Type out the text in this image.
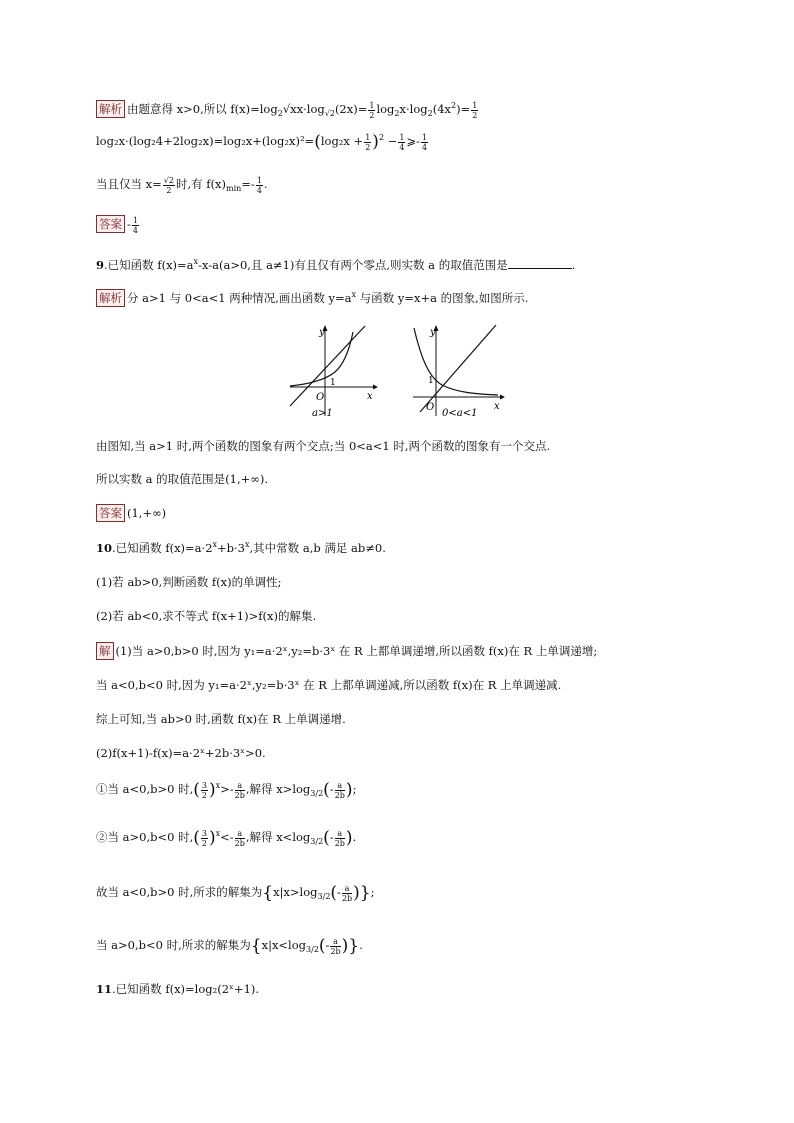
解析 由题意得 x>0,所以 $f(x)=\log_2√xx\cdot\log_{√2}(2x)= \frac{1}{2} \log_2x\cdot\log_2(4x^2)= \frac{1}{2}$
$\log_2x\cdot(\log_24+2\log_2x)=\log_2x+(\log_2x)^2=(\log_2x + \frac{1}{2} )^2 - \frac{1}{4}$ ⩾- $\frac{1}{4}$
当且仅当 $x= \frac{√2}{2}$ 时,有 $f(x)_{min}=- \frac{1}{4}$ .
答案 - $\frac{1}{4}$
9.已知函数 $f(x)=a^x-x-a(a>0$,且 a≠1)有且仅有两个零点,则实数 a 的取值范围是	.
解析 分 a>1 与 0<a<1 两种情况,画出函数 $y=a^x$ 与函数 y=x+a 的图象,如图所示.
y
x
O
1
a>1
y
x
O
1
0<a<1
由图知,当 a>1 时,两个函数的图象有两个交点;当 0<a<1 时,两个函数的图象有一个交点.
所以实数 a 的取值范围是(1,+∞).
答案 (1,+∞)
10.已知函数 $f(x)=a\cdot 2^x+b\cdot 3^x$,其中常数 a,b 满足 ab≠0.
(1)若 ab>0,判断函数 f(x)的单调性;
(2)若 ab<0,求不等式 f(x+1)>f(x)的解集.
解 (1)当 a>0,b>0 时,因为 y₁=a·2ˣ,y₂=b·3ˣ 在 R 上都单调递增,所以函数 f(x)在 R 上单调递增;
当 a<0,b<0 时,因为 y₁=a·2ˣ,y₂=b·3ˣ 在 R 上都单调递减,所以函数 f(x)在 R 上单调递减.
综上可知,当 ab>0 时,函数 f(x)在 R 上单调递增.
(2)f(x+1)-f(x)=a·2ˣ+2b·3ˣ>0.
①当 a<0,b>0 时,( $\frac{3}{2} )^x>- \frac{a}{2b}$ ,解得 $x>\log_{3/2}(- \frac{a}{2b}$ );
②当 a>0,b<0 时,( $\frac{3}{2} )^x<- \frac{a}{2b}$ ,解得 $x<\log_{3/2}(- \frac{a}{2b}$ ).
故当 a<0,b>0 时,所求的解集为{$x|x>\log_{3/2}(- \frac{a}{2b}$ )};
当 a>0,b<0 时,所求的解集为{$x|x<\log_{3/2}(- \frac{a}{2b}$ )}.
11.已知函数 f(x)=log₂(2ˣ+1).
